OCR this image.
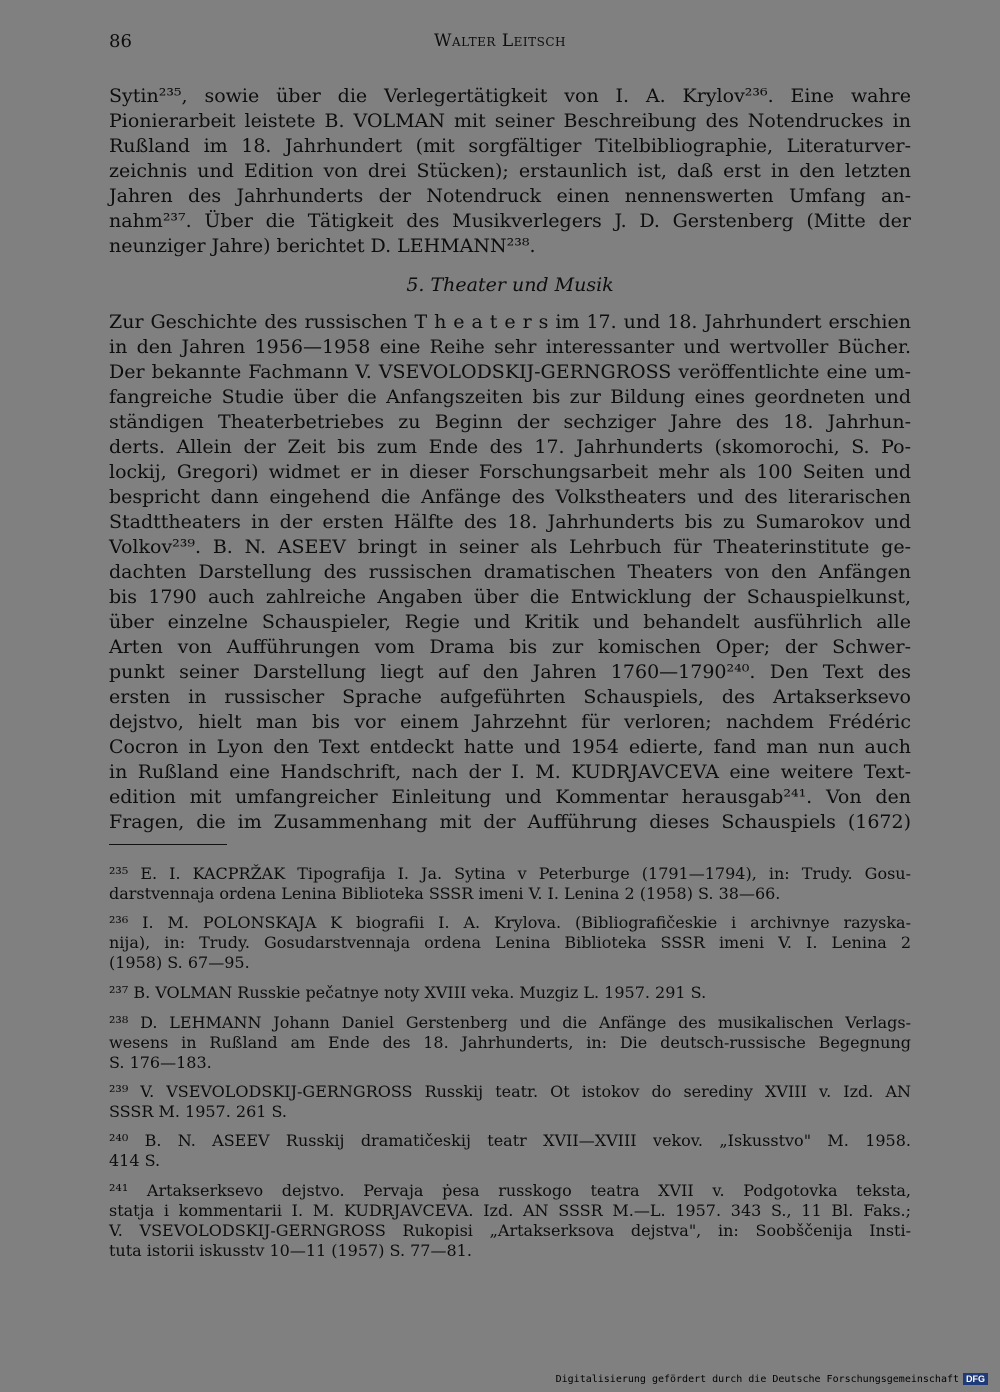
86	Walter Leitsch
Sytin²³⁵, sowie über die Verlegertätigkeit von I. A. Krylov²³⁶. Eine wahre
Pionierarbeit leistete B. VOLMAN mit seiner Beschreibung des Notendruckes in
Rußland im 18. Jahrhundert (mit sorgfältiger Titelbibliographie, Literaturver-
zeichnis und Edition von drei Stücken); erstaunlich ist, daß erst in den letzten
Jahren des Jahrhunderts der Notendruck einen nennenswerten Umfang an-
nahm²³⁷. Über die Tätigkeit des Musikverlegers J. D. Gerstenberg (Mitte der
neunziger Jahre) berichtet D. LEHMANN²³⁸.
5. Theater und Musik
Zur Geschichte des russischen T h e a t e r s im 17. und 18. Jahrhundert erschien
in den Jahren 1956—1958 eine Reihe sehr interessanter und wertvoller Bücher.
Der bekannte Fachmann V. VSEVOLODSKIJ-GERNGROSS veröffentlichte eine um-
fangreiche Studie über die Anfangszeiten bis zur Bildung eines geordneten und
ständigen Theaterbetriebes zu Beginn der sechziger Jahre des 18. Jahrhun-
derts. Allein der Zeit bis zum Ende des 17. Jahrhunderts (skomorochi, S. Po-
lockij, Gregori) widmet er in dieser Forschungsarbeit mehr als 100 Seiten und
bespricht dann eingehend die Anfänge des Volkstheaters und des literarischen
Stadttheaters in der ersten Hälfte des 18. Jahrhunderts bis zu Sumarokov und
Volkov²³⁹. B. N. ASEEV bringt in seiner als Lehrbuch für Theaterinstitute ge-
dachten Darstellung des russischen dramatischen Theaters von den Anfängen
bis 1790 auch zahlreiche Angaben über die Entwicklung der Schauspielkunst,
über einzelne Schauspieler, Regie und Kritik und behandelt ausführlich alle
Arten von Aufführungen vom Drama bis zur komischen Oper; der Schwer-
punkt seiner Darstellung liegt auf den Jahren 1760—1790²⁴⁰. Den Text des
ersten in russischer Sprache aufgeführten Schauspiels, des Artakserksevo
dejstvo, hielt man bis vor einem Jahrzehnt für verloren; nachdem Frédéric
Cocron in Lyon den Text entdeckt hatte und 1954 edierte, fand man nun auch
in Rußland eine Handschrift, nach der I. M. KUDRJAVCEVA eine weitere Text-
edition mit umfangreicher Einleitung und Kommentar herausgab²⁴¹. Von den
Fragen, die im Zusammenhang mit der Aufführung dieses Schauspiels (1672)
²³⁵ E. I. KACPRŽAK Tipografija I. Ja. Sytina v Peterburge (1791—1794), in: Trudy. Gosu-
darstvennaja ordena Lenina Biblioteka SSSR imeni V. I. Lenina 2 (1958) S. 38—66.
²³⁶ I. M. POLONSKAJA K biografii I. A. Krylova. (Bibliografičeskie i archivnye razyska-
nija), in: Trudy. Gosudarstvennaja ordena Lenina Biblioteka SSSR imeni V. I. Lenina 2
(1958) S. 67—95.
²³⁷ B. VOLMAN Russkie pečatnye noty XVIII veka. Muzgiz L. 1957. 291 S.
²³⁸ D. LEHMANN Johann Daniel Gerstenberg und die Anfänge des musikalischen Verlags-
wesens in Rußland am Ende des 18. Jahrhunderts, in: Die deutsch-russische Begegnung
S. 176—183.
²³⁹ V. VSEVOLODSKIJ-GERNGROSS Russkij teatr. Ot istokov do serediny XVIII v. Izd. AN
SSSR M. 1957. 261 S.
²⁴⁰ B. N. ASEEV Russkij dramatičeskij teatr XVII—XVIII vekov. „Iskusstvo" M. 1958.
414 S.
²⁴¹ Artakserksevo dejstvo. Pervaja ṗesa russkogo teatra XVII v. Podgotovka teksta,
statja i kommentarii I. M. KUDRJAVCEVA. Izd. AN SSSR M.—L. 1957. 343 S., 11 Bl. Faks.;
V. VSEVOLODSKIJ-GERNGROSS Rukopisi „Artakserksova dejstva", in: Soobščenija Insti-
tuta istorii iskusstv 10—11 (1957) S. 77—81.
Digitalisierung gefördert durch die Deutsche Forschungsgemeinschaft DFG
